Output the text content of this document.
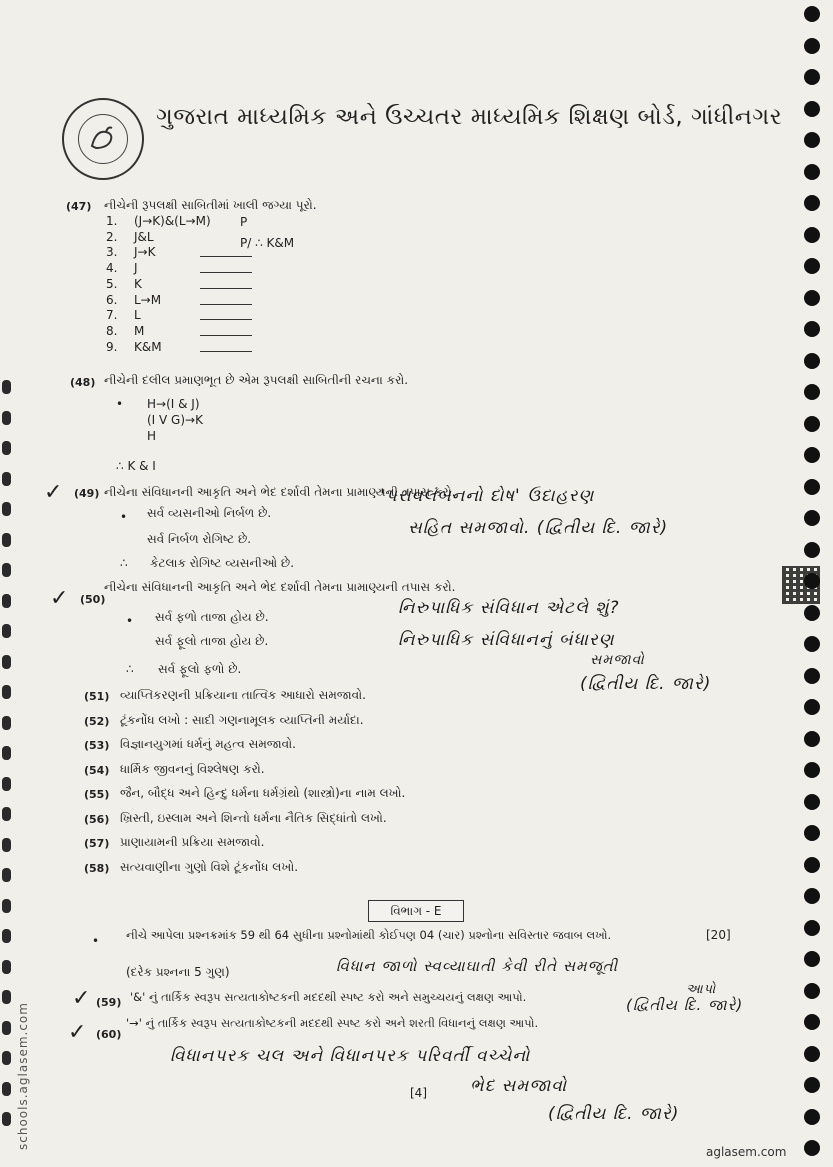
ગુજરાત માધ્યમિક અને ઉચ્ચતર માધ્યમિક શિક્ષણ બોર્ડ, ગાંધીનગર
(47) નીચેની રૂપલક્ષી સાબિતીમાં ખાલી જગ્યા પૂરો.
P
P/ ∴ K&M
1. (J→K)&(L→M)
2. J&L
3. J→K
4. J
5. K
6. L→M
7. L
8. M
9. K&M
(48) નીચેની દલીલ પ્રમાણભૂત છે એમ રૂપલક્ષી સાબિતીની રચના કરો.
• H→(I & J)
(I V G)→K
H
∴ K & I
✓ (49) નીચેના સંવિધાનની આકૃતિ અને ભેદ દર્શાવી તેમના પ્રામાણ્યની તપાસ કરો.
• સર્વ વ્યસનીઓ નિર્બળ છે.
સર્વ નિર્બળ રોગિષ્ટ છે.
∴ કેટલાક રોગિષ્ટ વ્યસનીઓ છે.
'પરાવલંબનનો દોષ' ઉદાહરણ
સહિત સમજાવો. (દ્વિતીય દિ. જારે)
✓ (50)
નીચેના સંવિધાનની આકૃતિ અને ભેદ દર્શાવી તેમના પ્રામાણ્યની તપાસ કરો.
• સર્વ ફળો તાજા હોય છે.
સર્વ ફૂલો તાજા હોય છે.
∴ સર્વ ફૂલો ફળો છે.
નિરુપાધિક સંવિધાન એટલે શું?
નિરુપાધિક સંવિધાનનું બંધારણ
સમજાવો
(દ્વિતીય દિ. જારે)
(51) વ્યાપ્તિકરણની પ્રક્રિયાના તાત્વિક આધારો સમજાવો.
(52) ટૂંકનોંધ લખો : સાદી ગણનામૂલક વ્યાપ્તિની મર્યાદા.
(53) વિજ્ઞાનયુગમાં ધર્મનું મહત્વ સમજાવો.
(54) ધાર્મિક જીવનનું વિશ્લેષણ કરો.
(55) જૈન, બૌદ્ધ અને હિન્દુ ધર્મના ધર્મગ્રંથો (શાસ્ત્રો)ના નામ લખો.
(56) ખ્રિસ્તી, ઇસ્લામ અને શિન્તો ધર્મના નૈતિક સિદ્ધાંતો લખો.
(57) પ્રાણાયામની પ્રક્રિયા સમજાવો.
(58) સત્યવાણીના ગુણો વિશે ટૂંકનોંધ લખો.
વિભાગ - E
• નીચે આપેલા પ્રશ્નક્રમાંક 59 થી 64 સુધીના પ્રશ્નોમાંથી કોઈપણ 04 (ચાર) પ્રશ્નોના સવિસ્તાર જવાબ લખો.	[20]
(દરેક પ્રશ્નના 5 ગુણ)	વિધાન જાળો સ્વવ્યાઘાતી કેવી રીતે સમજૂતી
આપો
(દ્વિતીય દિ. જારે)
✓ (59) '&' નું તાર્કિક સ્વરૂપ સત્યતાકોષ્ટકની મદદથી સ્પષ્ટ કરો અને સમુચ્ચયનું લક્ષણ આપો.
✓ (60)
'→' નું તાર્કિક સ્વરૂપ સત્યતાકોષ્ટકની મદદથી સ્પષ્ટ કરો અને શરતી વિધાનનું લક્ષણ આપો.
વિધાનપરક ચલ અને વિધાનપરક પરિવર્તી વચ્ચેનો
ભેદ સમજાવો
(દ્વિતીય દિ. જારે)
[4]
aglasem.com
schools.aglasem.com
